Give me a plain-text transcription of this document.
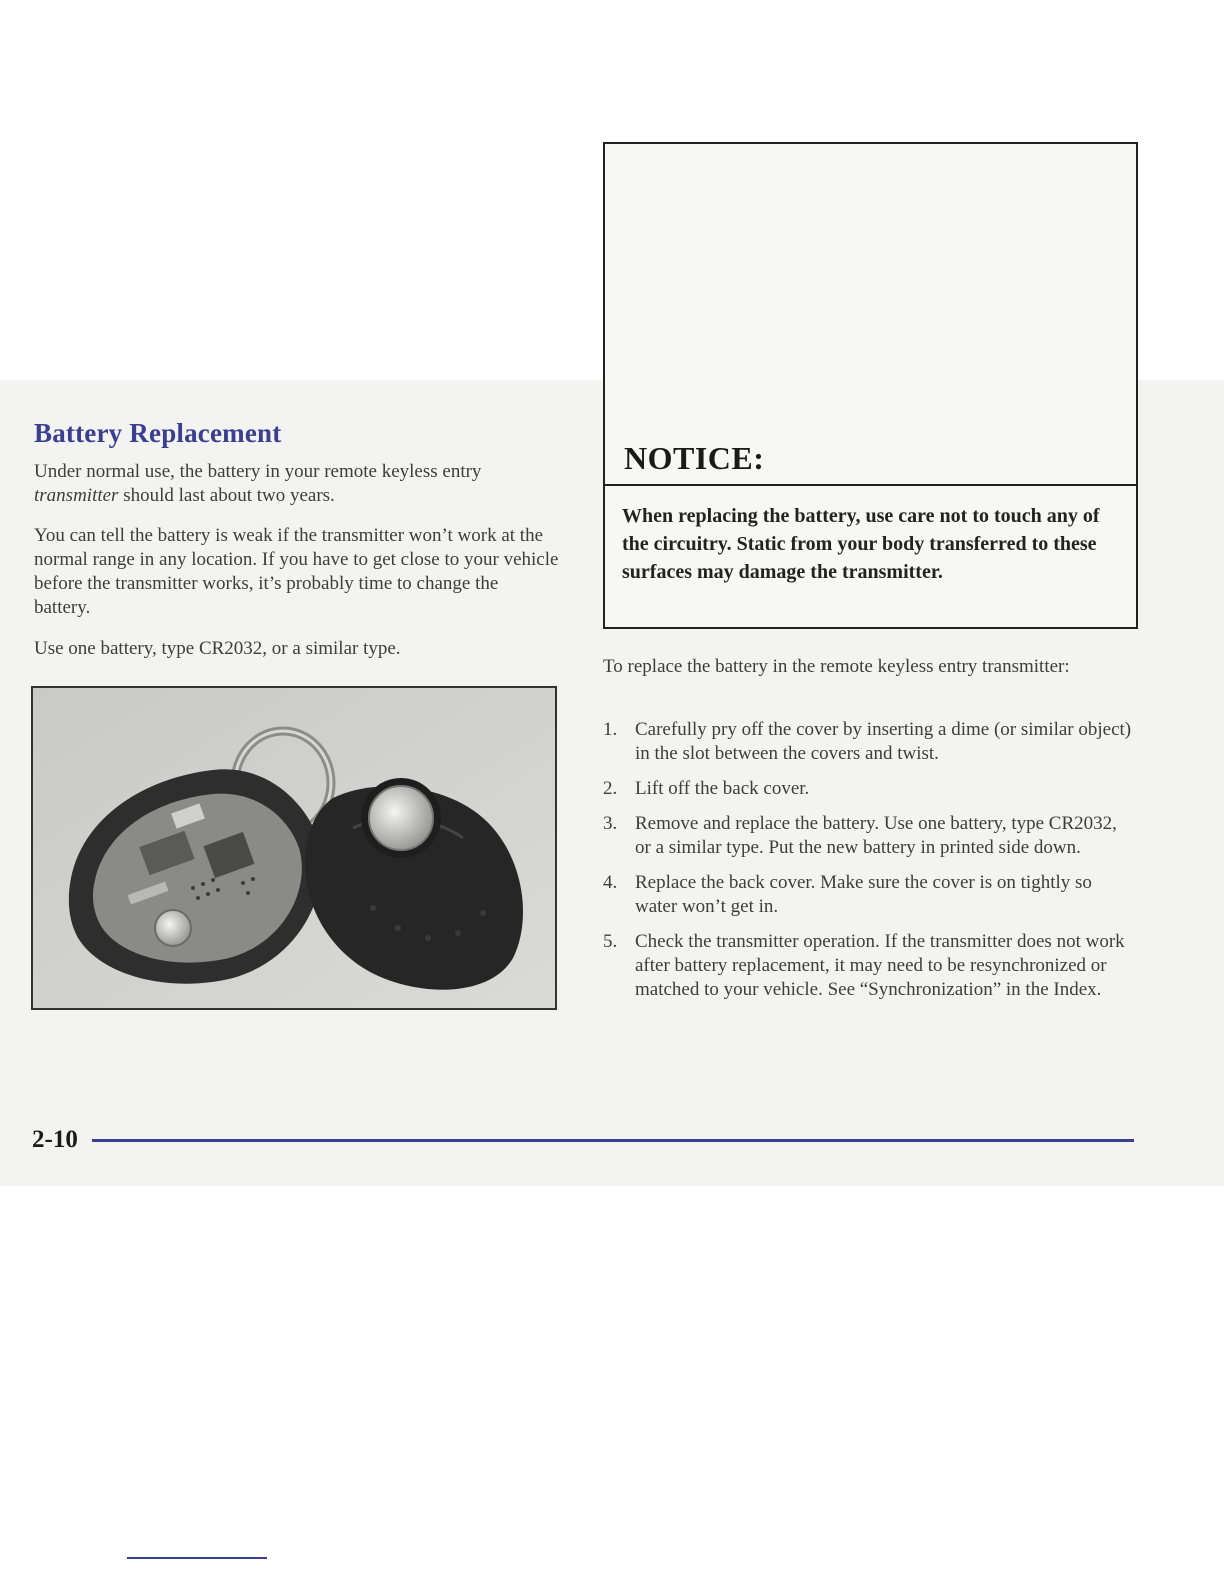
Battery Replacement

Under normal use, the battery in your remote keyless entry transmitter should last about two years.

You can tell the battery is weak if the transmitter won’t work at the normal range in any location. If you have to get close to your vehicle before the transmitter works, it’s probably time to change the battery.

Use one battery, type CR2032, or a similar type.

NOTICE:

When replacing the battery, use care not to touch any of the circuitry. Static from your body transferred to these surfaces may damage the transmitter.

To replace the battery in the remote keyless entry transmitter:

1. Carefully pry off the cover by inserting a dime (or similar object) in the slot between the covers and twist.
2. Lift off the back cover.
3. Remove and replace the battery. Use one battery, type CR2032, or a similar type. Put the new battery in printed side down.
4. Replace the back cover. Make sure the cover is on tightly so water won’t get in.
5. Check the transmitter operation. If the transmitter does not work after battery replacement, it may need to be resynchronized or matched to your vehicle. See “Synchronization” in the Index.

2-10
